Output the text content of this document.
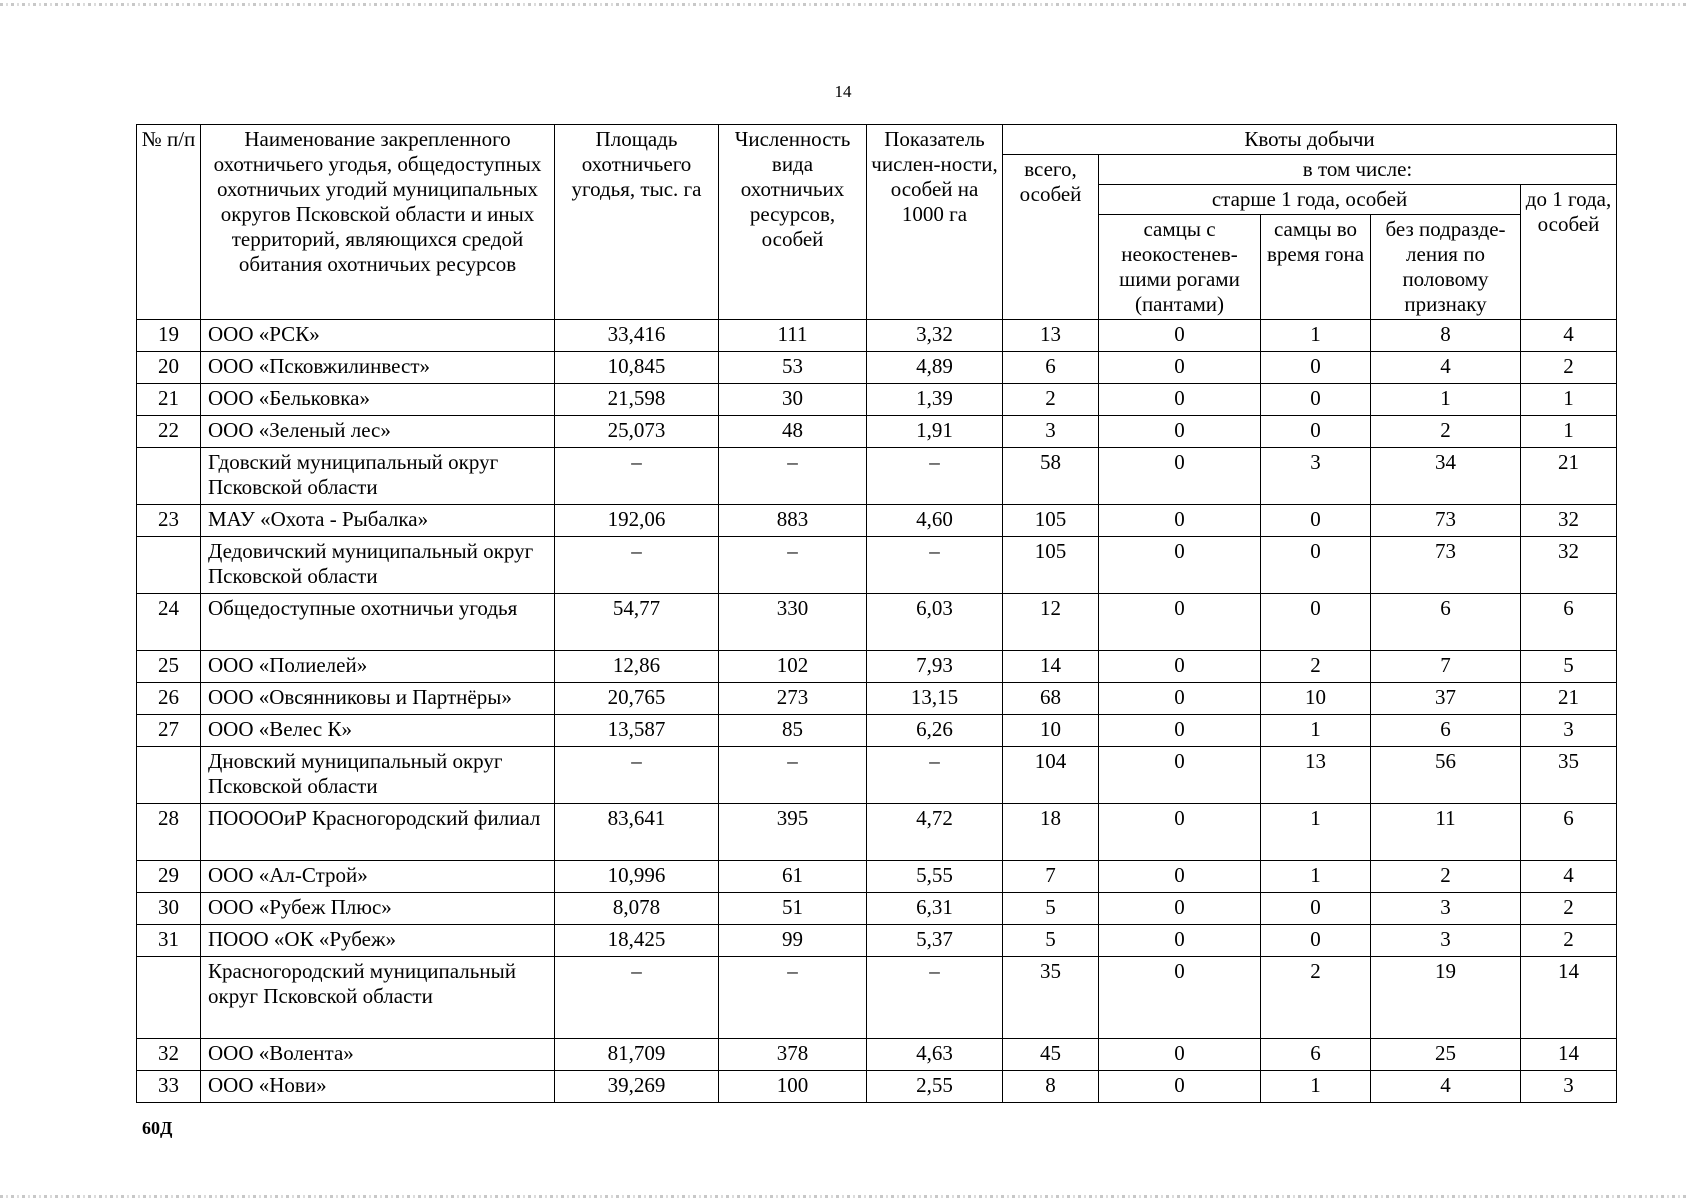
14
№ п/п	Наименование закрепленного охотничьего угодья, общедоступных охотничьих угодий муниципальных округов Псковской области и иных территорий, являющихся средой обитания охотничьих ресурсов	Площадь охотничьего угодья, тыс. га	Численность вида охотничьих ресурсов, особей	Показатель числен-ности, особей на 1000 га	Квоты добычи				
					всего, особей	в том числе:			
						старше 1 года, особей			до 1 года, особей
						самцы с неокостенев-шими рогами (пантами)	самцы во время гона	без подразде-ления по половому признаку	
19	ООО «РСК»	33,416	111	3,32	13	0	1	8	4
20	ООО «Псковжилинвест»	10,845	53	4,89	6	0	0	4	2
21	ООО «Бельковка»	21,598	30	1,39	2	0	0	1	1
22	ООО «Зеленый лес»	25,073	48	1,91	3	0	0	2	1
	Гдовский муниципальный округ Псковской области	–	–	–	58	0	3	34	21
23	МАУ «Охота - Рыбалка»	192,06	883	4,60	105	0	0	73	32
	Дедовичский муниципальный округ Псковской области	–	–	–	105	0	0	73	32
24	Общедоступные охотничьи угодья	54,77	330	6,03	12	0	0	6	6
25	ООО «Полиелей»	12,86	102	7,93	14	0	2	7	5
26	ООО «Овсянниковы и Партнёры»	20,765	273	13,15	68	0	10	37	21
27	ООО «Велес К»	13,587	85	6,26	10	0	1	6	3
	Дновский муниципальный округ Псковской области	–	–	–	104	0	13	56	35
28	ПООООиР Красногородский филиал	83,641	395	4,72	18	0	1	11	6
29	ООО «Ал-Строй»	10,996	61	5,55	7	0	1	2	4
30	ООО «Рубеж Плюс»	8,078	51	6,31	5	0	0	3	2
31	ПООО «ОК «Рубеж»	18,425	99	5,37	5	0	0	3	2
	Красногородский муниципальный округ Псковской области	–	–	–	35	0	2	19	14
32	ООО «Волента»	81,709	378	4,63	45	0	6	25	14
33	ООО «Нови»	39,269	100	2,55	8	0	1	4	3
60Д
